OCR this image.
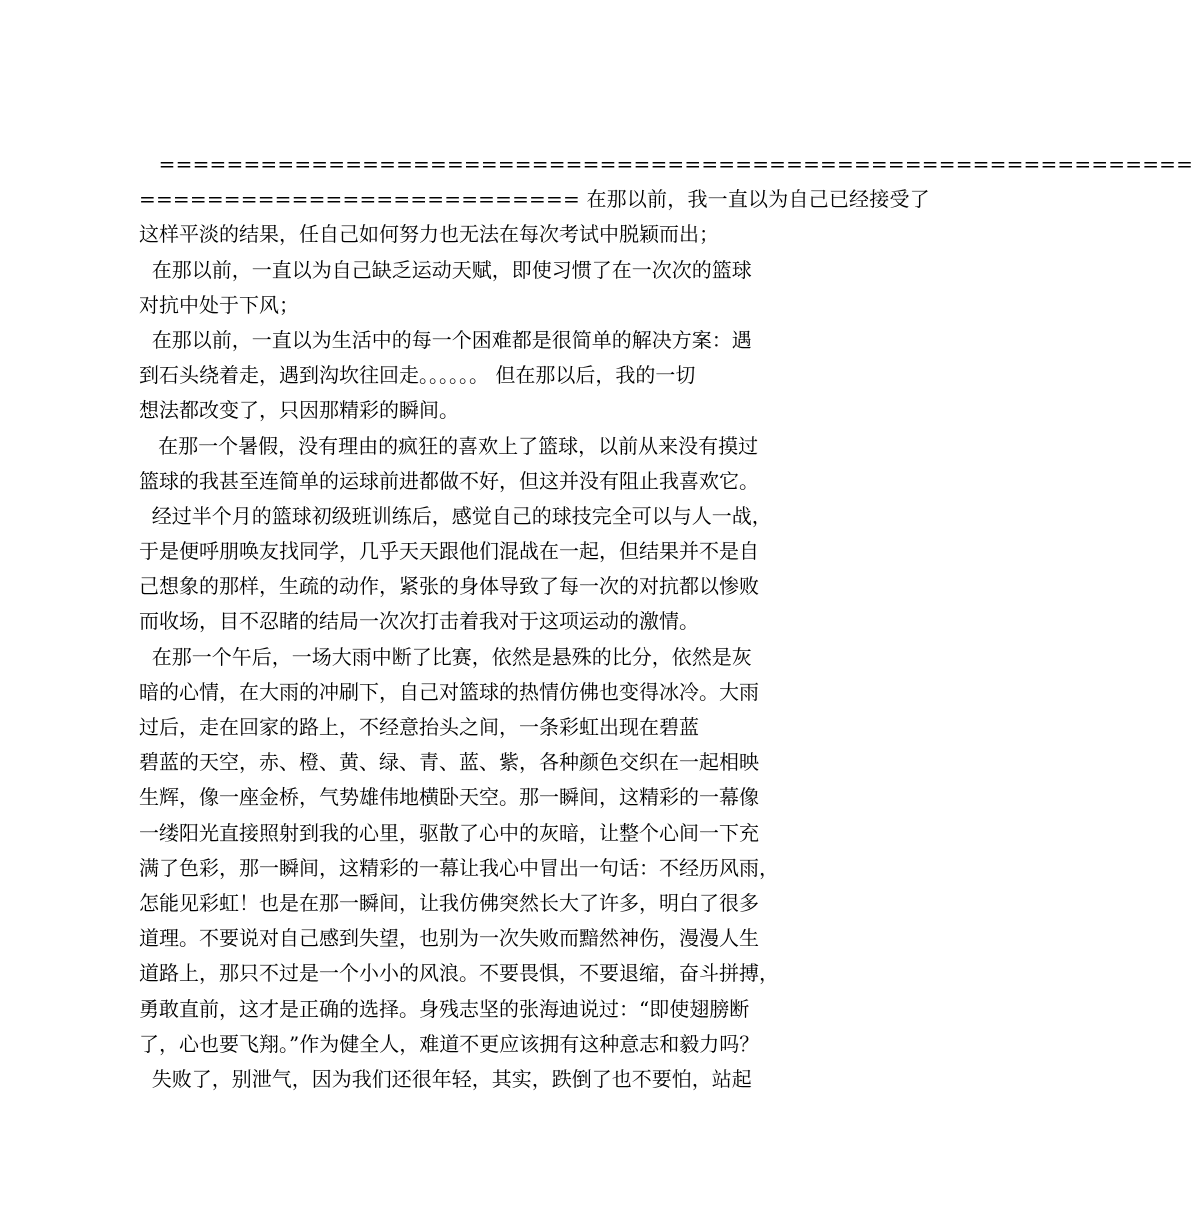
=============================================================
========================== 在那以前，我一直以为自己已经接受了
这样平淡的结果，任自己如何努力也无法在每次考试中脱颖而出；
在那以前，一直以为自己缺乏运动天赋，即使习惯了在一次次的篮球
对抗中处于下风；
在那以前，一直以为生活中的每一个困难都是很简单的解决方案：遇
到石头绕着走，遇到沟坎往回走。。。。。。 但在那以后，我的一切
想法都改变了，只因那精彩的瞬间。
在那一个暑假，没有理由的疯狂的喜欢上了篮球，以前从来没有摸过
篮球的我甚至连简单的运球前进都做不好，但这并没有阻止我喜欢它。
经过半个月的篮球初级班训练后，感觉自己的球技完全可以与人一战，
于是便呼朋唤友找同学，几乎天天跟他们混战在一起，但结果并不是自
己想象的那样，生疏的动作，紧张的身体导致了每一次的对抗都以惨败
而收场，目不忍睹的结局一次次打击着我对于这项运动的激情。
在那一个午后，一场大雨中断了比赛，依然是悬殊的比分，依然是灰
暗的心情，在大雨的冲刷下，自己对篮球的热情仿佛也变得冰冷。大雨
过后，走在回家的路上，不经意抬头之间，一条彩虹出现在碧蓝
碧蓝的天空，赤、橙、黄、绿、青、蓝、紫，各种颜色交织在一起相映
生辉，像一座金桥，气势雄伟地横卧天空。那一瞬间，这精彩的一幕像
一缕阳光直接照射到我的心里，驱散了心中的灰暗，让整个心间一下充
满了色彩，那一瞬间，这精彩的一幕让我心中冒出一句话：不经历风雨，
怎能见彩虹！也是在那一瞬间，让我仿佛突然长大了许多，明白了很多
道理。不要说对自己感到失望，也别为一次失败而黯然神伤，漫漫人生
道路上，那只不过是一个小小的风浪。不要畏惧，不要退缩，奋斗拼搏，
勇敢直前，这才是正确的选择。身残志坚的张海迪说过：“即使翅膀断
了，心也要飞翔。”作为健全人，难道不更应该拥有这种意志和毅力吗？
失败了，别泄气，因为我们还很年轻，其实，跌倒了也不要怕，站起
